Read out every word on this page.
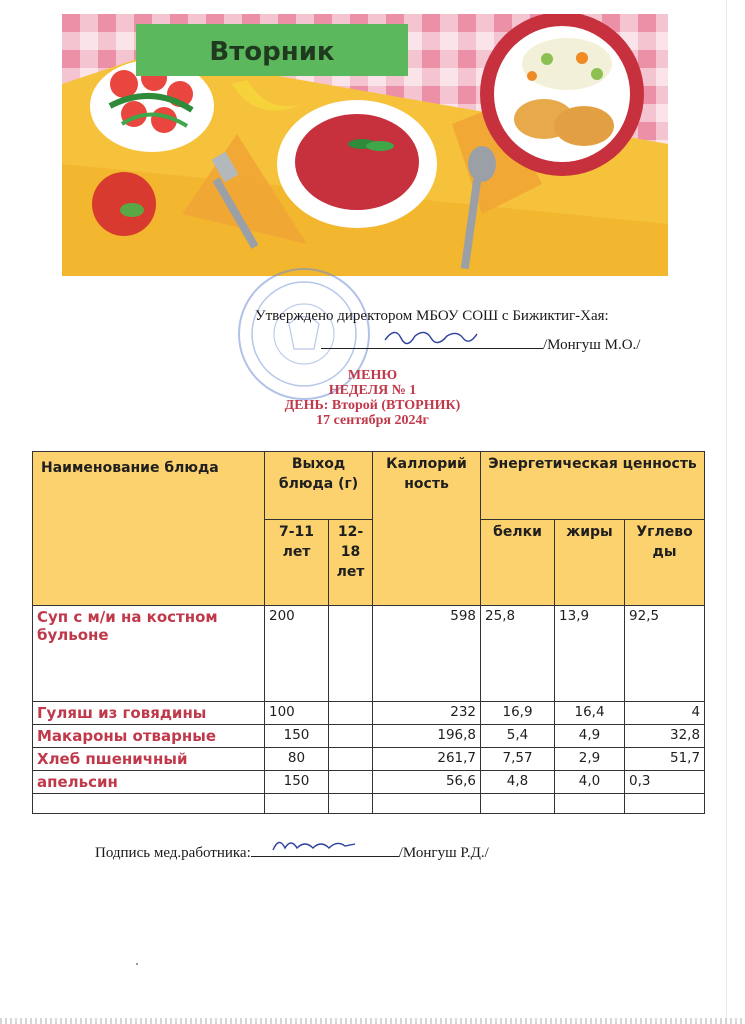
Вторник
Утверждено директором МБОУ СОШ с Бижиктиг-Хая:
/Монгуш М.О./
МЕНЮ
НЕДЕЛЯ № 1
ДЕНЬ: Второй (ВТОРНИК)
17 сентября 2024г
Наименование блюда	Выход блюда (г)		Каллорий ность	Энергетическая ценность		
	7-11 лет	12- 18 лет		белки	жиры	Углево ды
Суп с м/и на костном бульоне	200		598	25,8	13,9	92,5
Гуляш из говядины	100		232	16,9	16,4	4
Макароны отварные	150		196,8	5,4	4,9	32,8
Хлеб пшеничный	80		261,7	7,57	2,9	51,7
апельсин	150		56,6	4,8	4,0	0,3

Подпись мед.работника:	/Монгуш Р.Д./
